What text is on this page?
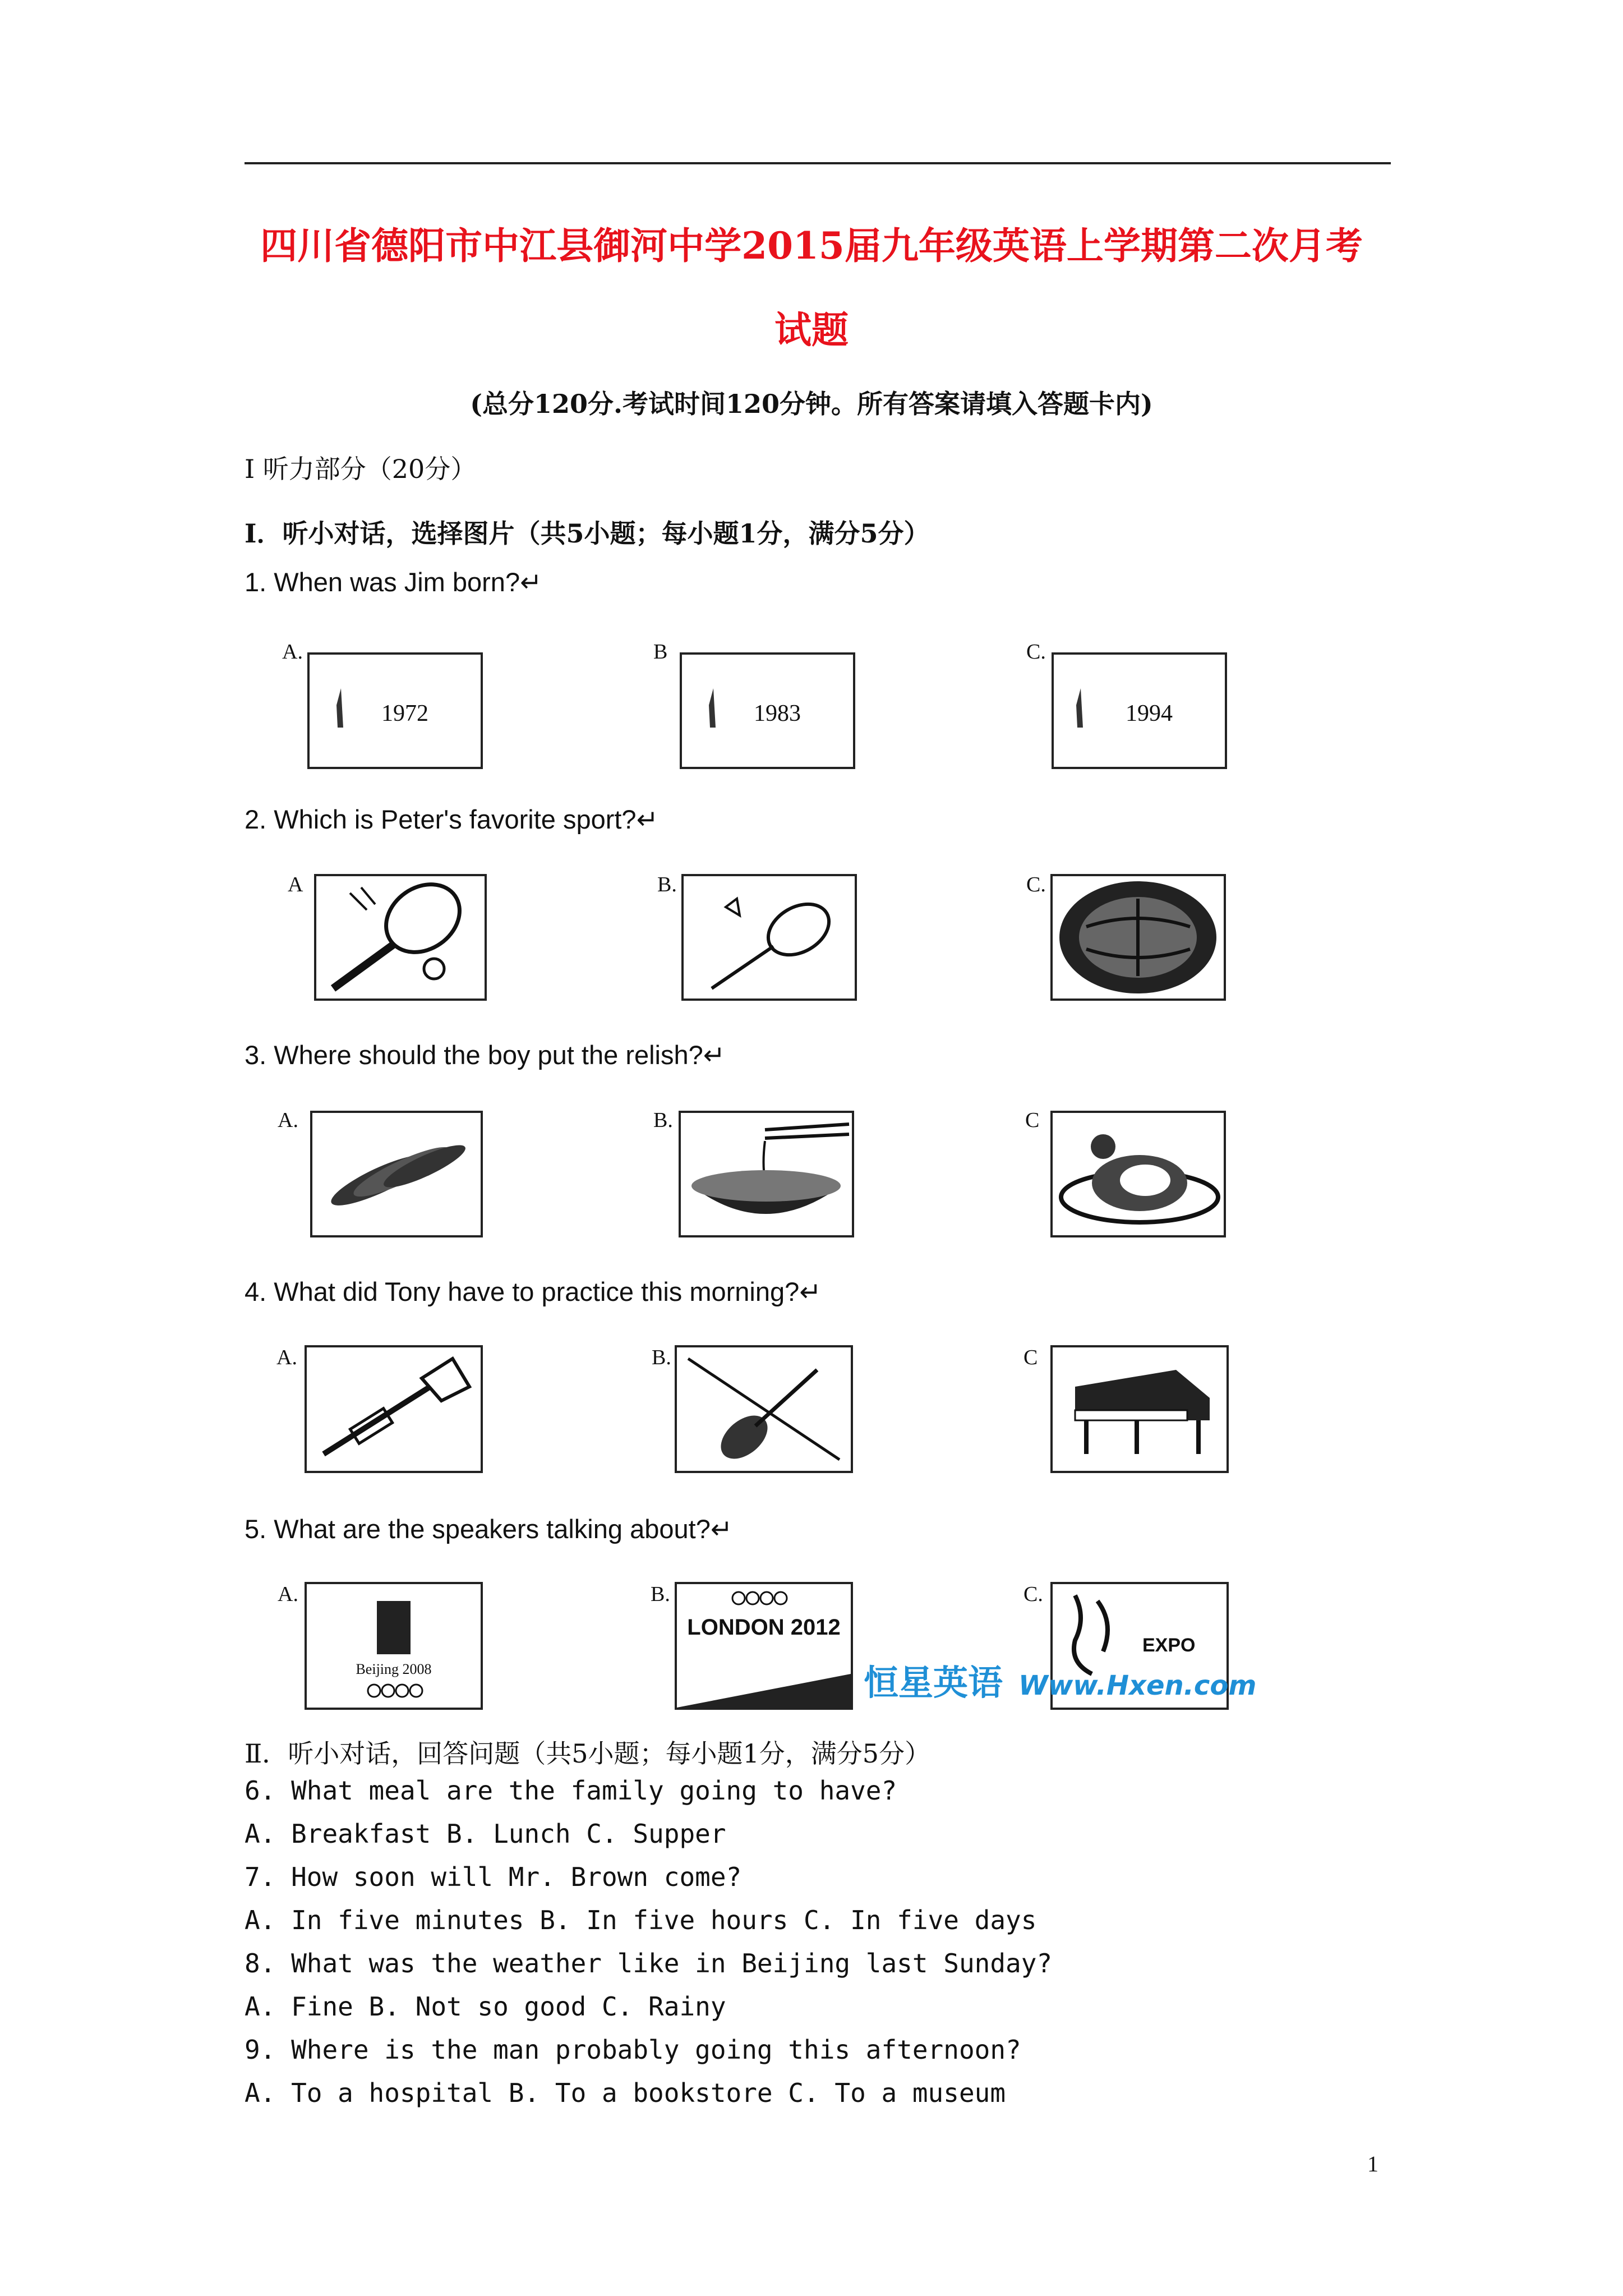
四川省德阳市中江县御河中学2015届九年级英语上学期第二次月考
试题
(总分120分.考试时间120分钟。所有答案请填入答题卡内)
I 听力部分（20分）
I．听小对话，选择图片（共5小题；每小题1分，满分5分）
1. When was Jim born?↵
A.	B	C.
1972	1983	1994
2. Which is Peter's favorite sport?↵
A	B.	C.
3. Where should the boy put the relish?↵
A.	B.	C
4. What did Tony have to practice this morning?↵
A.	B.	C
5. What are the speakers talking about?↵
A.	B.	C.
Beijing 2008
LONDON 2012
EXPO
恒星英语 Www.Hxen.com
Ⅱ．听小对话，回答问题（共5小题；每小题1分，满分5分）
6. What meal are the family going to have?
A. Breakfast B. Lunch C. Supper
7. How soon will Mr. Brown come?
A. In five minutes B. In five hours C. In five days
8. What was the weather like in Beijing last Sunday?
A. Fine B. Not so good C. Rainy
9. Where is the man probably going this afternoon?
A. To a hospital B. To a bookstore C. To a museum
1
